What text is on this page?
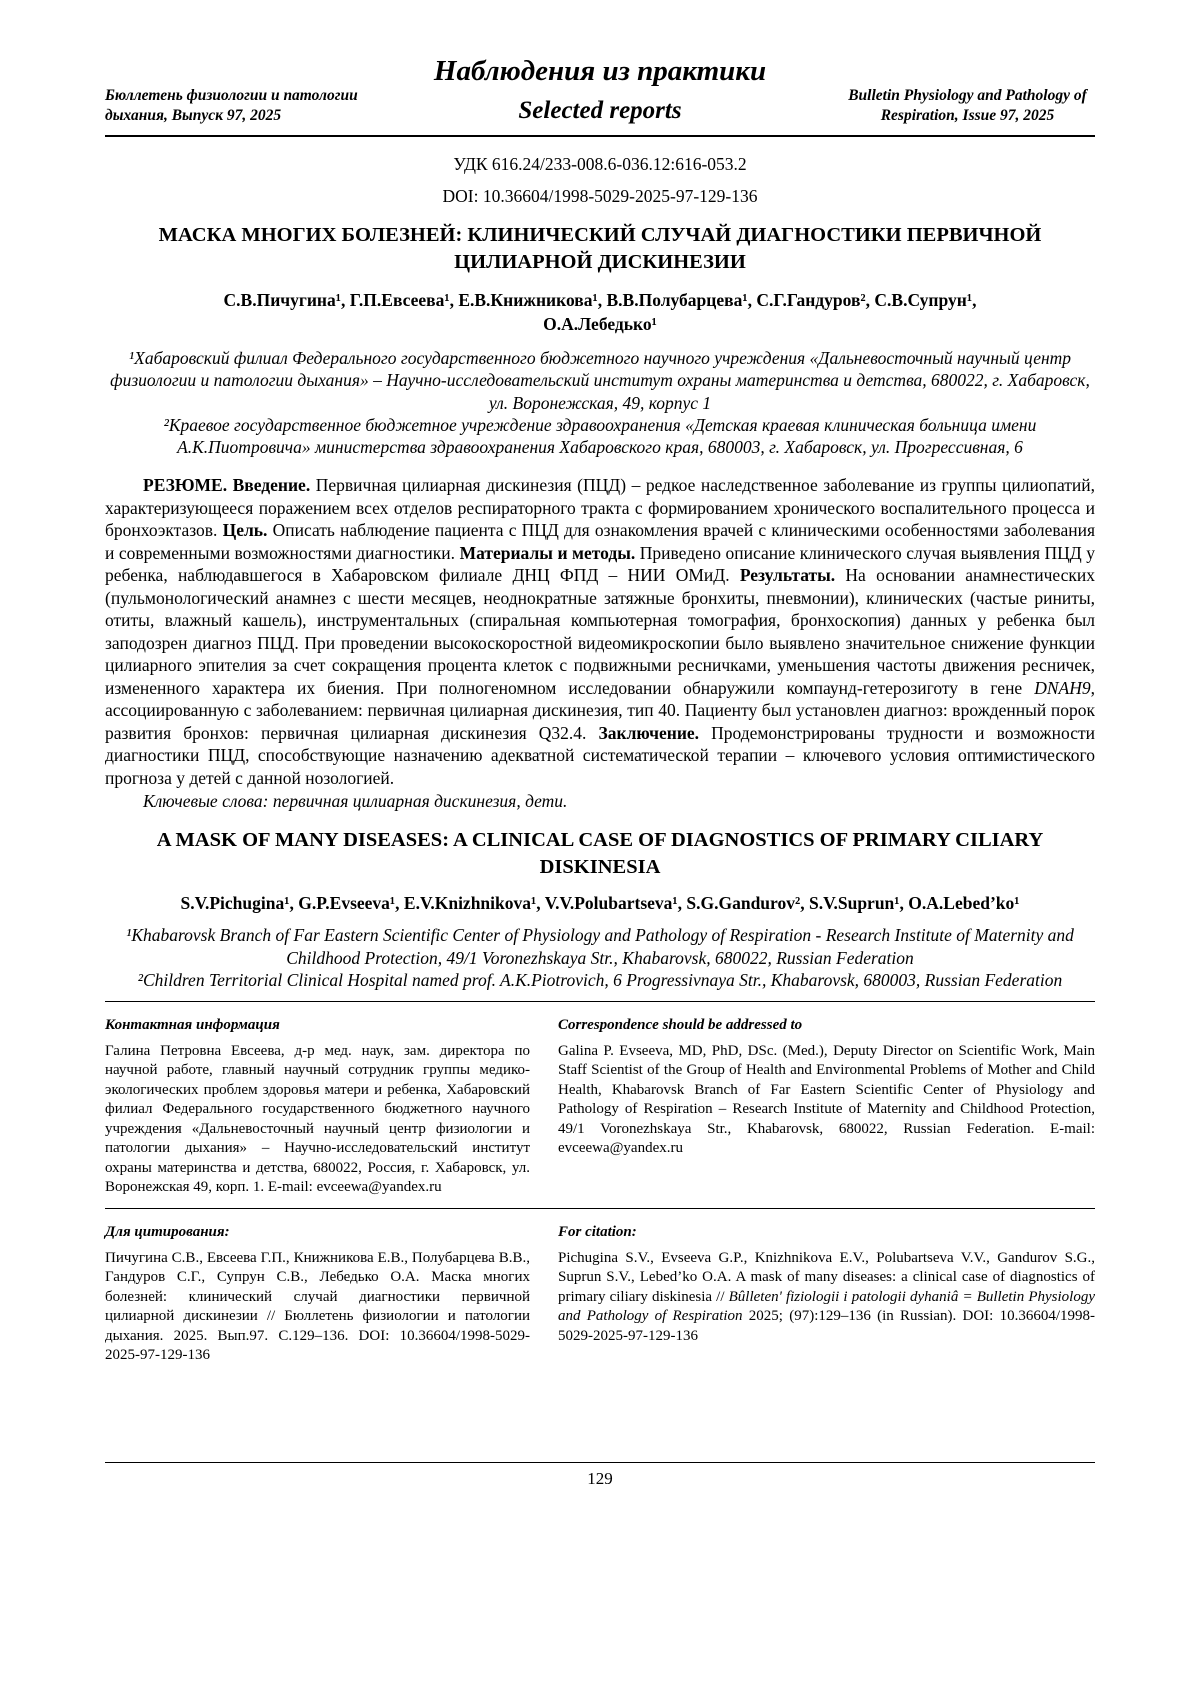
Бюллетень физиологии и патологии дыхания, Выпуск 97, 2025
Наблюдения из практики
Selected reports
Bulletin Physiology and Pathology of Respiration, Issue 97, 2025
УДК 616.24/233-008.6-036.12:616-053.2
DOI: 10.36604/1998-5029-2025-97-129-136
МАСКА МНОГИХ БОЛЕЗНЕЙ: КЛИНИЧЕСКИЙ СЛУЧАЙ ДИАГНОСТИКИ ПЕРВИЧНОЙ ЦИЛИАРНОЙ ДИСКИНЕЗИИ
С.В.Пичугина¹, Г.П.Евсеева¹, Е.В.Книжникова¹, В.В.Полубарцева¹, С.Г.Гандуров², С.В.Супрун¹,
О.А.Лебедько¹
¹Хабаровский филиал Федерального государственного бюджетного научного учреждения «Дальневосточный научный центр физиологии и патологии дыхания» – Научно-исследовательский институт охраны материнства и детства, 680022, г. Хабаровск, ул. Воронежская, 49, корпус 1
²Краевое государственное бюджетное учреждение здравоохранения «Детская краевая клиническая больница имени А.К.Пиотровича» министерства здравоохранения Хабаровского края, 680003, г. Хабаровск, ул. Прогрессивная, 6

РЕЗЮМЕ. Введение. Первичная цилиарная дискинезия (ПЦД) – редкое наследственное заболевание из группы цилиопатий, характеризующееся поражением всех отделов респираторного тракта с формированием хронического воспалительного процесса и бронхоэктазов. Цель. Описать наблюдение пациента с ПЦД для ознакомления врачей с клиническими особенностями заболевания и современными возможностями диагностики. Материалы и методы. Приведено описание клинического случая выявления ПЦД у ребенка, наблюдавшегося в Хабаровском филиале ДНЦ ФПД – НИИ ОМиД. Результаты. На основании анамнестических (пульмонологический анамнез с шести месяцев, неоднократные затяжные бронхиты, пневмонии), клинических (частые риниты, отиты, влажный кашель), инструментальных (спиральная компьютерная томография, бронхоскопия) данных у ребенка был заподозрен диагноз ПЦД. При проведении высокоскоростной видеомикроскопии было выявлено значительное снижение функции цилиарного эпителия за счет сокращения процента клеток с подвижными ресничками, уменьшения частоты движения ресничек, измененного характера их биения. При полногеномном исследовании обнаружили компаунд-гетерозиготу в гене DNAH9, ассоциированную с заболеванием: первичная цилиарная дискинезия, тип 40. Пациенту был установлен диагноз: врожденный порок развития бронхов: первичная цилиарная дискинезия Q32.4. Заключение. Продемонстрированы трудности и возможности диагностики ПЦД, способствующие назначению адекватной систематической терапии – ключевого условия оптимистического прогноза у детей с данной нозологией.

Ключевые слова: первичная цилиарная дискинезия, дети.

A MASK OF MANY DISEASES: A CLINICAL CASE OF DIAGNOSTICS OF PRIMARY CILIARY DISKINESIA
S.V.Pichugina¹, G.P.Evseeva¹, E.V.Knizhnikova¹, V.V.Polubartseva¹, S.G.Gandurov², S.V.Suprun¹, O.A.Lebed’ko¹
¹Khabarovsk Branch of Far Eastern Scientific Center of Physiology and Pathology of Respiration - Research Institute of Maternity and Childhood Protection, 49/1 Voronezhskaya Str., Khabarovsk, 680022, Russian Federation
²Children Territorial Clinical Hospital named prof. A.K.Piotrovich, 6 Progressivnaya Str., Khabarovsk, 680003, Russian Federation
Контактная информация

Галина Петровна Евсеева, д-р мед. наук, зам. директора по научной работе, главный научный сотрудник группы медико-экологических проблем здоровья матери и ребенка, Хабаровский филиал Федерального государственного бюджетного научного учреждения «Дальневосточный научный центр физиологии и патологии дыхания» – Научно-исследовательский институт охраны материнства и детства, 680022, Россия, г. Хабаровск, ул. Воронежская 49, корп. 1. E-mail: evceewa@yandex.ru

Correspondence should be addressed to

Galina P. Evseeva, MD, PhD, DSc. (Med.), Deputy Director on Scientific Work, Main Staff Scientist of the Group of Health and Environmental Problems of Mother and Child Health, Khabarovsk Branch of Far Eastern Scientific Center of Physiology and Pathology of Respiration – Research Institute of Maternity and Childhood Protection, 49/1 Voronezhskaya Str., Khabarovsk, 680022, Russian Federation. E-mail: evceewa@yandex.ru

Для цитирования:

Пичугина С.В., Евсеева Г.П., Книжникова Е.В., Полубарцева В.В., Гандуров С.Г., Супрун С.В., Лебедько О.А. Маска многих болезней: клинический случай диагностики первичной цилиарной дискинезии // Бюллетень физиологии и патологии дыхания. 2025. Вып.97. С.129–136. DOI: 10.36604/1998-5029-2025-97-129-136

For citation:

Pichugina S.V., Evseeva G.P., Knizhnikova E.V., Polubartseva V.V., Gandurov S.G., Suprun S.V., Lebed’ko O.A. A mask of many diseases: a clinical case of diagnostics of primary ciliary diskinesia // Bûlleten' fiziologii i patologii dyhaniâ = Bulletin Physiology and Pathology of Respiration 2025; (97):129–136 (in Russian). DOI: 10.36604/1998-5029-2025-97-129-136

129
